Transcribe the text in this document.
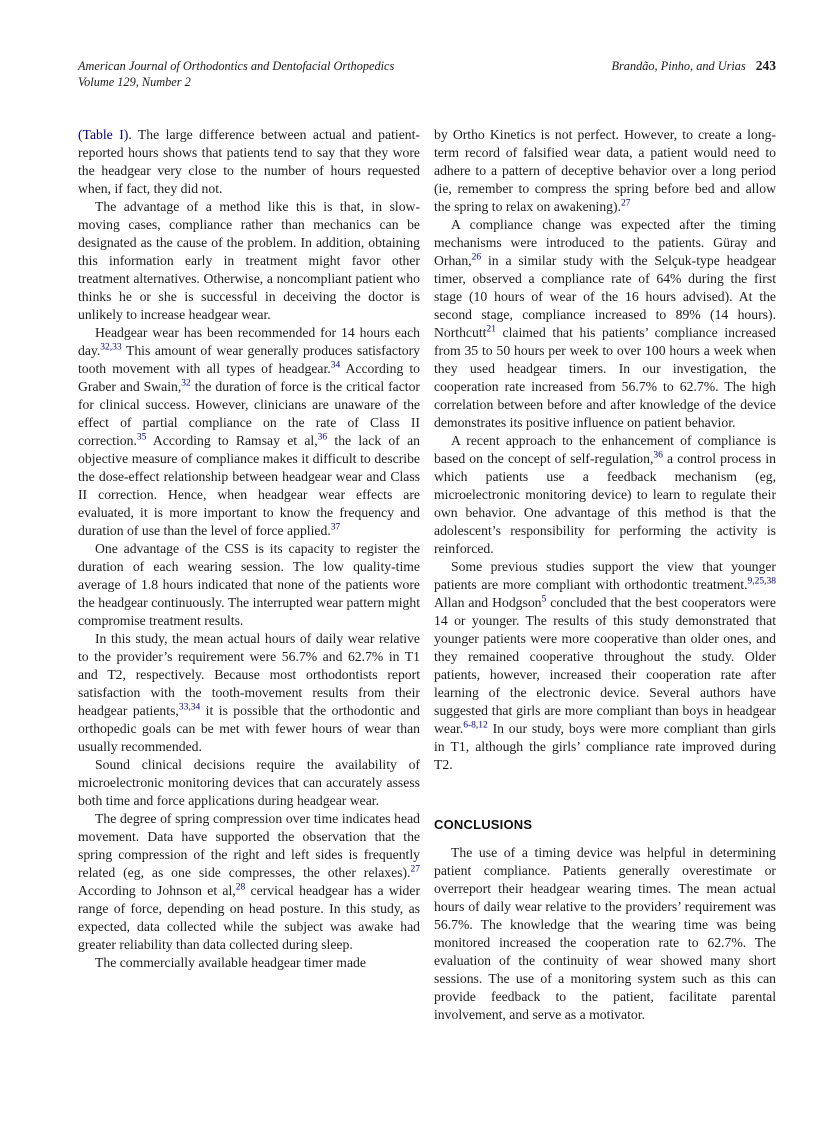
American Journal of Orthodontics and Dentofacial Orthopedics
Volume 129, Number 2
Brandão, Pinho, and Urias 243

(Table I). The large difference between actual and patient-reported hours shows that patients tend to say that they wore the headgear very close to the number of hours requested when, if fact, they did not.

The advantage of a method like this is that, in slow-moving cases, compliance rather than mechanics can be designated as the cause of the problem. In addition, obtaining this information early in treatment might favor other treatment alternatives. Otherwise, a noncompliant patient who thinks he or she is successful in deceiving the doctor is unlikely to increase headgear wear.

Headgear wear has been recommended for 14 hours each day.$^{32,33}$ This amount of wear generally produces satisfactory tooth movement with all types of headgear.$^{34}$ According to Graber and Swain,$^{32}$ the duration of force is the critical factor for clinical success. However, clinicians are unaware of the effect of partial compliance on the rate of Class II correction.$^{35}$ According to Ramsay et al,$^{36}$ the lack of an objective measure of compliance makes it difficult to describe the dose-effect relationship between headgear wear and Class II correction. Hence, when headgear wear effects are evaluated, it is more important to know the frequency and duration of use than the level of force applied.$^{37}$

One advantage of the CSS is its capacity to register the duration of each wearing session. The low quality-time average of 1.8 hours indicated that none of the patients wore the headgear continuously. The interrupted wear pattern might compromise treatment results.

In this study, the mean actual hours of daily wear relative to the provider’s requirement were 56.7% and 62.7% in T1 and T2, respectively. Because most orthodontists report satisfaction with the tooth-movement results from their headgear patients,$^{33,34}$ it is possible that the orthodontic and orthopedic goals can be met with fewer hours of wear than usually recommended.

Sound clinical decisions require the availability of microelectronic monitoring devices that can accurately assess both time and force applications during headgear wear.

The degree of spring compression over time indicates head movement. Data have supported the observation that the spring compression of the right and left sides is frequently related (eg, as one side compresses, the other relaxes).$^{27}$ According to Johnson et al,$^{28}$ cervical headgear has a wider range of force, depending on head posture. In this study, as expected, data collected while the subject was awake had greater reliability than data collected during sleep.

The commercially available headgear timer made

by Ortho Kinetics is not perfect. However, to create a long-term record of falsified wear data, a patient would need to adhere to a pattern of deceptive behavior over a long period (ie, remember to compress the spring before bed and allow the spring to relax on awakening).$^{27}$

A compliance change was expected after the timing mechanisms were introduced to the patients. Güray and Orhan,$^{26}$ in a similar study with the Selçuk-type headgear timer, observed a compliance rate of 64% during the first stage (10 hours of wear of the 16 hours advised). At the second stage, compliance increased to 89% (14 hours). Northcutt$^{21}$ claimed that his patients’ compliance increased from 35 to 50 hours per week to over 100 hours a week when they used headgear timers. In our investigation, the cooperation rate increased from 56.7% to 62.7%. The high correlation between before and after knowledge of the device demonstrates its positive influence on patient behavior.

A recent approach to the enhancement of compliance is based on the concept of self-regulation,$^{36}$ a control process in which patients use a feedback mechanism (eg, microelectronic monitoring device) to learn to regulate their own behavior. One advantage of this method is that the adolescent’s responsibility for performing the activity is reinforced.

Some previous studies support the view that younger patients are more compliant with orthodontic treatment.$^{9,25,38}$ Allan and Hodgson$^5$ concluded that the best cooperators were 14 or younger. The results of this study demonstrated that younger patients were more cooperative than older ones, and they remained cooperative throughout the study. Older patients, however, increased their cooperation rate after learning of the electronic device. Several authors have suggested that girls are more compliant than boys in headgear wear.$^{6-8,12}$ In our study, boys were more compliant than girls in T1, although the girls’ compliance rate improved during T2.

CONCLUSIONS

The use of a timing device was helpful in determining patient compliance. Patients generally overestimate or overreport their headgear wearing times. The mean actual hours of daily wear relative to the providers’ requirement was 56.7%. The knowledge that the wearing time was being monitored increased the cooperation rate to 62.7%. The evaluation of the continuity of wear showed many short sessions. The use of a monitoring system such as this can provide feedback to the patient, facilitate parental involvement, and serve as a motivator.
